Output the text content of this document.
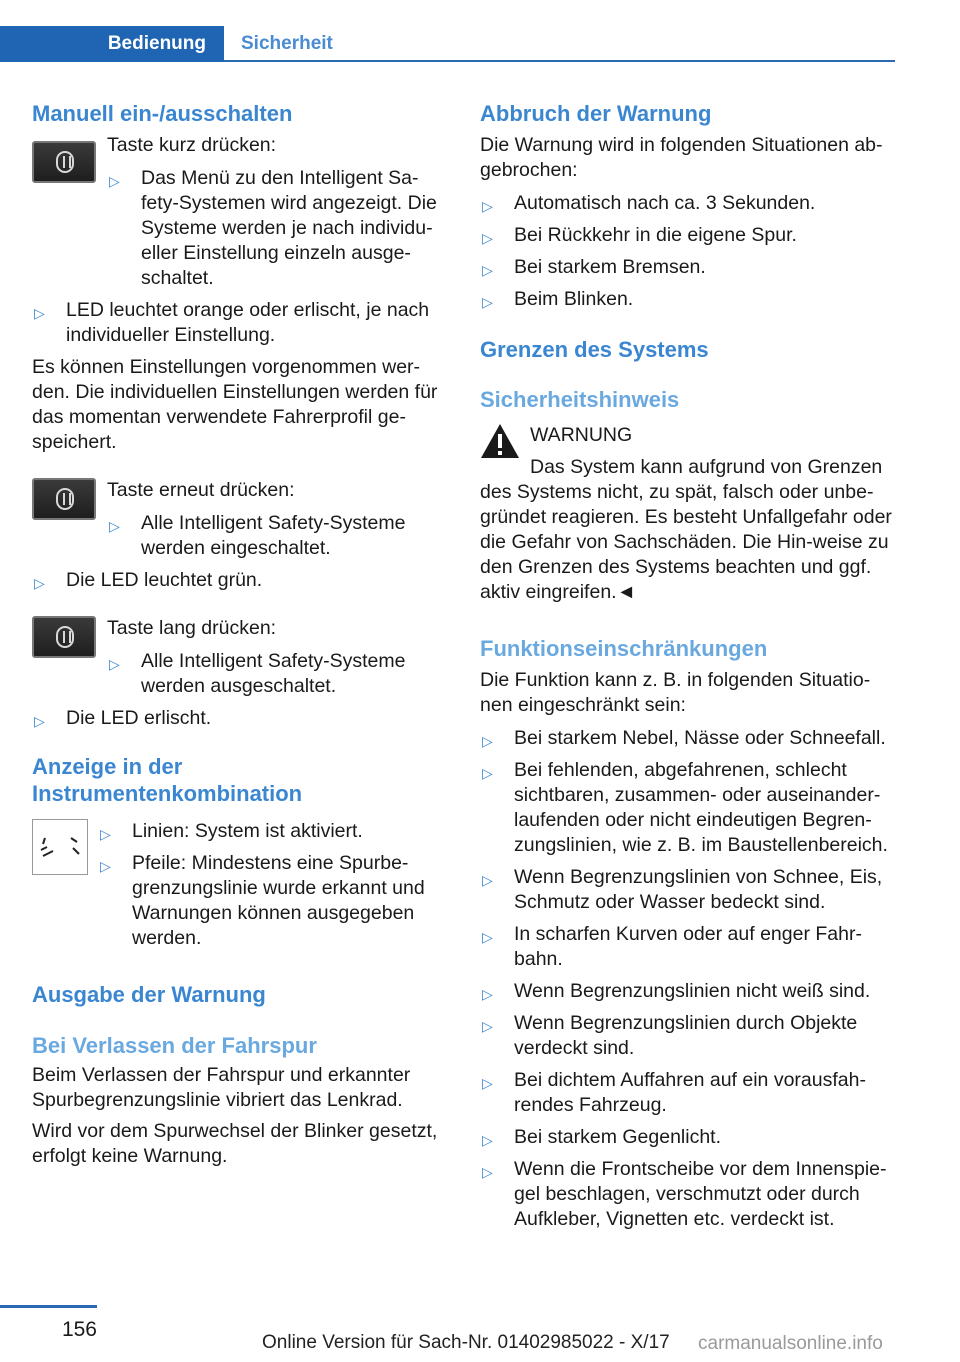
Bedienung	Sicherheit
Manuell ein-/ausschalten
Taste kurz drücken:
▷ Das Menü zu den Intelligent Sa-fety-Systemen wird angezeigt. Die Systeme werden je nach individu-eller Einstellung einzeln ausge-schaltet.
▷ LED leuchtet orange oder erlischt, je nach individueller Einstellung.
Es können Einstellungen vorgenommen wer-den. Die individuellen Einstellungen werden für das momentan verwendete Fahrerprofil ge-speichert.
Taste erneut drücken:
▷ Alle Intelligent Safety-Systeme werden eingeschaltet.
▷ Die LED leuchtet grün.
Taste lang drücken:
▷ Alle Intelligent Safety-Systeme werden ausgeschaltet.
▷ Die LED erlischt.
Anzeige in der Instrumentenkombination
▷ Linien: System ist aktiviert.
▷ Pfeile: Mindestens eine Spurbe-grenzungslinie wurde erkannt und Warnungen können ausgegeben werden.
Ausgabe der Warnung
Bei Verlassen der Fahrspur
Beim Verlassen der Fahrspur und erkannter Spurbegrenzungslinie vibriert das Lenkrad.
Wird vor dem Spurwechsel der Blinker gesetzt, erfolgt keine Warnung.
Abbruch der Warnung
Die Warnung wird in folgenden Situationen ab-gebrochen:
▷ Automatisch nach ca. 3 Sekunden.
▷ Bei Rückkehr in die eigene Spur.
▷ Bei starkem Bremsen.
▷ Beim Blinken.
Grenzen des Systems
Sicherheitshinweis
WARNUNG
Das System kann aufgrund von Grenzen
des Systems nicht, zu spät, falsch oder unbe-gründet reagieren. Es besteht Unfallgefahr oder die Gefahr von Sachschäden. Die Hin-weise zu den Grenzen des Systems beachten und ggf. aktiv eingreifen.◄
Funktionseinschränkungen
Die Funktion kann z. B. in folgenden Situatio-nen eingeschränkt sein:
▷ Bei starkem Nebel, Nässe oder Schneefall.
▷ Bei fehlenden, abgefahrenen, schlecht sichtbaren, zusammen- oder auseinander-laufenden oder nicht eindeutigen Begren-zungslinien, wie z. B. im Baustellenbereich.
▷ Wenn Begrenzungslinien von Schnee, Eis, Schmutz oder Wasser bedeckt sind.
▷ In scharfen Kurven oder auf enger Fahr-bahn.
▷ Wenn Begrenzungslinien nicht weiß sind.
▷ Wenn Begrenzungslinien durch Objekte verdeckt sind.
▷ Bei dichtem Auffahren auf ein vorausfah-rendes Fahrzeug.
▷ Bei starkem Gegenlicht.
▷ Wenn die Frontscheibe vor dem Innenspie-gel beschlagen, verschmutzt oder durch Aufkleber, Vignetten etc. verdeckt ist.
156
Online Version für Sach-Nr. 01402985022 - X/17 carmanualsonline.info
